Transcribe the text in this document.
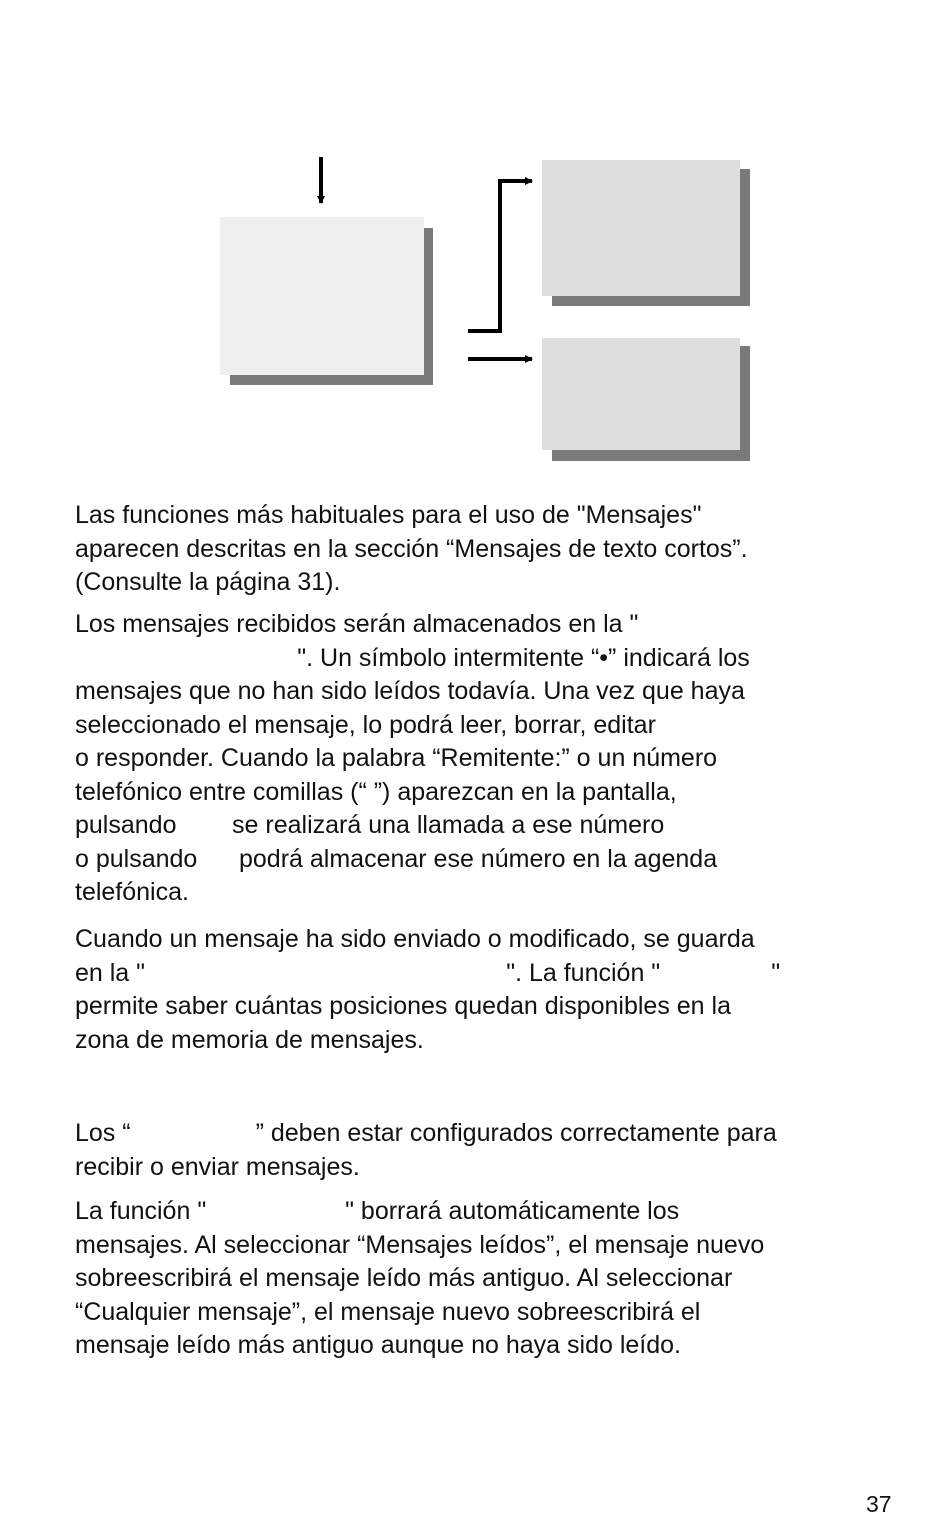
Las funciones más habituales para el uso de "Mensajes"
aparecen descritas en la sección “Mensajes de texto cortos”.
(Consulte la página 31).
Los mensajes recibidos serán almacenados en la "
". Un símbolo intermitente “•” indicará los
mensajes que no han sido leídos todavía. Una vez que haya
seleccionado el mensaje, lo podrá leer, borrar, editar
o responder. Cuando la palabra “Remitente:” o un número
telefónico entre comillas (“ ”) aparezcan en la pantalla,
pulsando        se realizará una llamada a ese número
o pulsando      podrá almacenar ese número en la agenda
telefónica.
Cuando un mensaje ha sido enviado o modificado, se guarda
en la "                                                    ". La función "                "
permite saber cuántas posiciones quedan disponibles en la
zona de memoria de mensajes.
Los “                  ” deben estar configurados correctamente para
recibir o enviar mensajes.
La función "                    " borrará automáticamente los
mensajes. Al seleccionar “Mensajes leídos”, el mensaje nuevo
sobreescribirá el mensaje leído más antiguo. Al seleccionar
“Cualquier mensaje”, el mensaje nuevo sobreescribirá el
mensaje leído más antiguo aunque no haya sido leído.
37
